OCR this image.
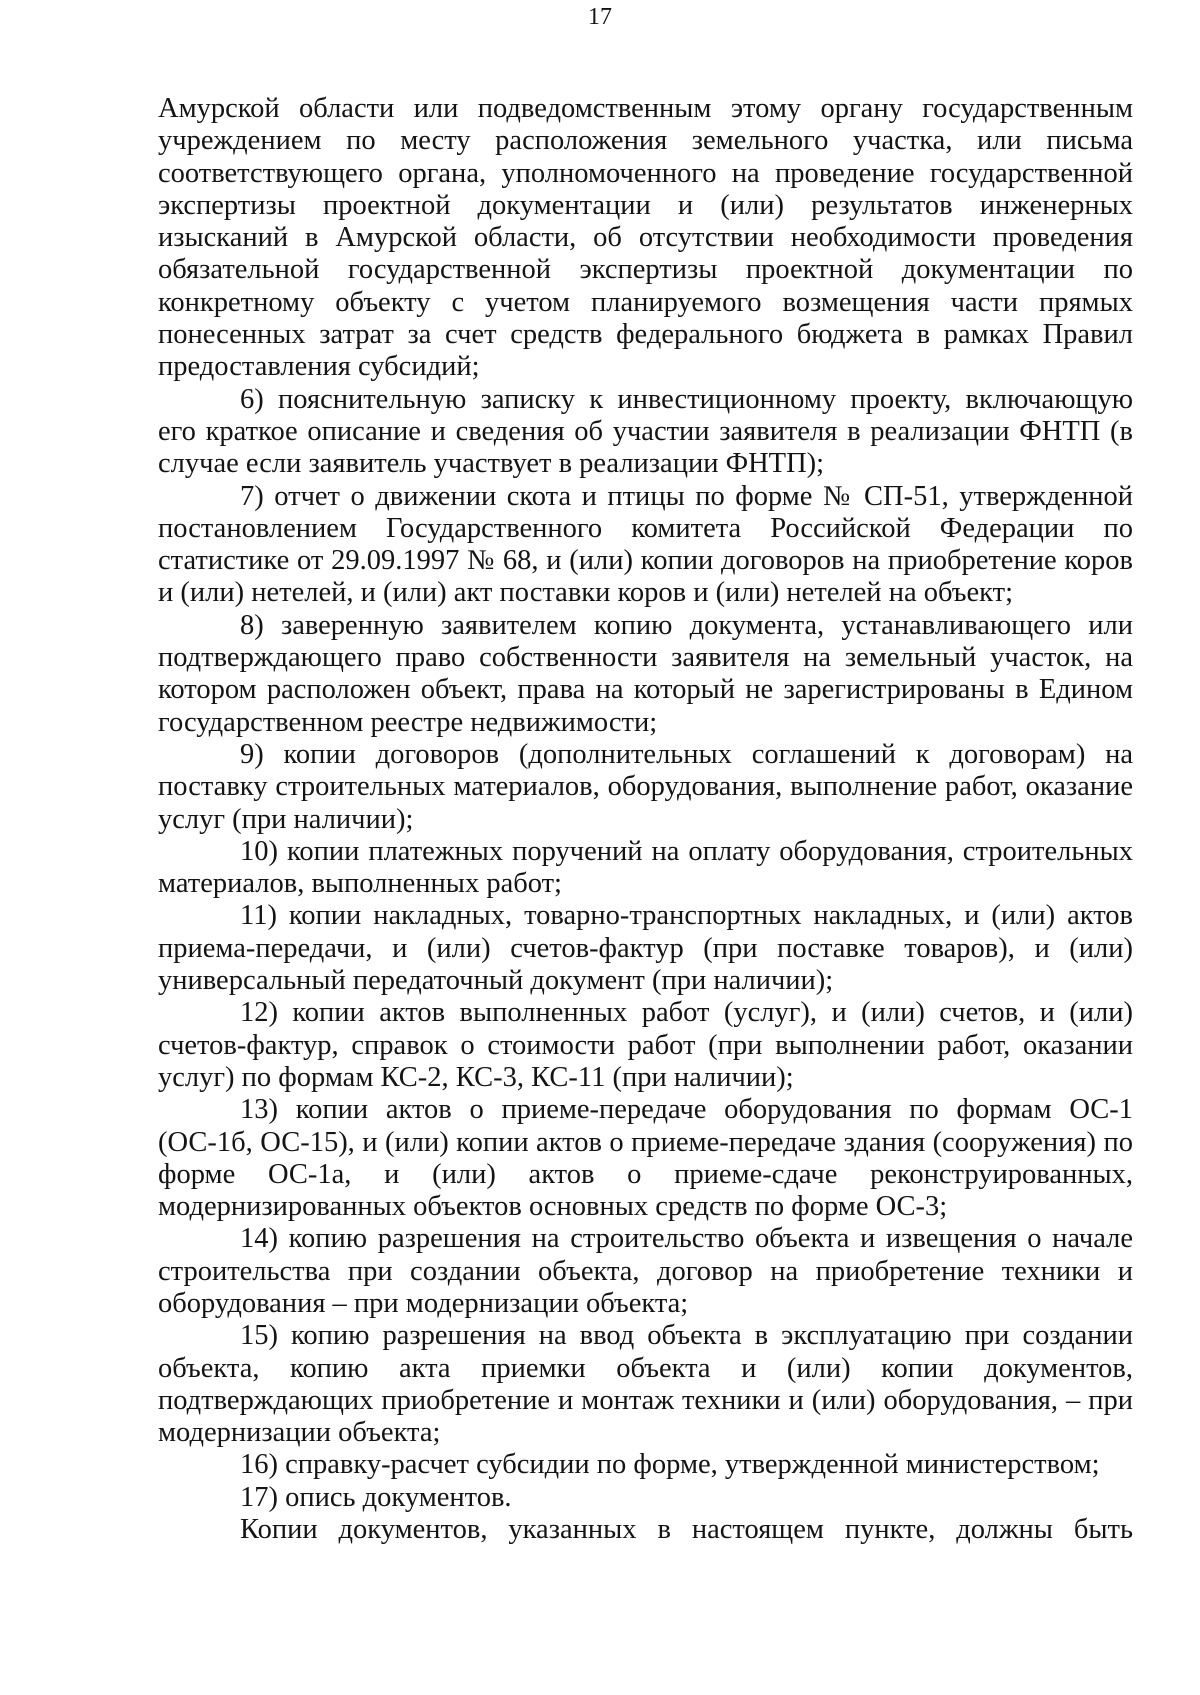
17

Амурской области или подведомственным этому органу государственным учреждением по месту расположения земельного участка, или письма соответствующего органа, уполномоченного на проведение государственной экспертизы проектной документации и (или) результатов инженерных изысканий в Амурской области, об отсутствии необходимости проведения обязательной государственной экспертизы проектной документации по конкретному объекту с учетом планируемого возмещения части прямых понесенных затрат за счет средств федерального бюджета в рамках Правил предоставления субсидий;

6) пояснительную записку к инвестиционному проекту, включающую его краткое описание и сведения об участии заявителя в реализации ФНТП (в случае если заявитель участвует в реализации ФНТП);

7) отчет о движении скота и птицы по форме № СП-51, утвержденной постановлением Государственного комитета Российской Федерации по статистике от 29.09.1997 № 68, и (или) копии договоров на приобретение коров и (или) нетелей, и (или) акт поставки коров и (или) нетелей на объект;

8) заверенную заявителем копию документа, устанавливающего или подтверждающего право собственности заявителя на земельный участок, на котором расположен объект, права на который не зарегистрированы в Едином государственном реестре недвижимости;

9) копии договоров (дополнительных соглашений к договорам) на поставку строительных материалов, оборудования, выполнение работ, оказание услуг (при наличии);

10) копии платежных поручений на оплату оборудования, строительных материалов, выполненных работ;

11) копии накладных, товарно-транспортных накладных, и (или) актов приема-передачи, и (или) счетов-фактур (при поставке товаров), и (или) универсальный передаточный документ (при наличии);

12) копии актов выполненных работ (услуг), и (или) счетов, и (или) счетов-фактур, справок о стоимости работ (при выполнении работ, оказании услуг) по формам КС-2, КС-3, КС-11 (при наличии);

13) копии актов о приеме-передаче оборудования по формам ОС-1 (ОС-1б, ОС-15), и (или) копии актов о приеме-передаче здания (сооружения) по форме ОС-1а, и (или) актов о приеме-сдаче реконструированных, модернизированных объектов основных средств по форме ОС-3;

14) копию разрешения на строительство объекта и извещения о начале строительства при создании объекта, договор на приобретение техники и оборудования – при модернизации объекта;

15) копию разрешения на ввод объекта в эксплуатацию при создании объекта, копию акта приемки объекта и (или) копии документов, подтверждающих приобретение и монтаж техники и (или) оборудования, – при модернизации объекта;

16) справку-расчет субсидии по форме, утвержденной министерством;

17) опись документов.

Копии документов, указанных в настоящем пункте, должны быть
